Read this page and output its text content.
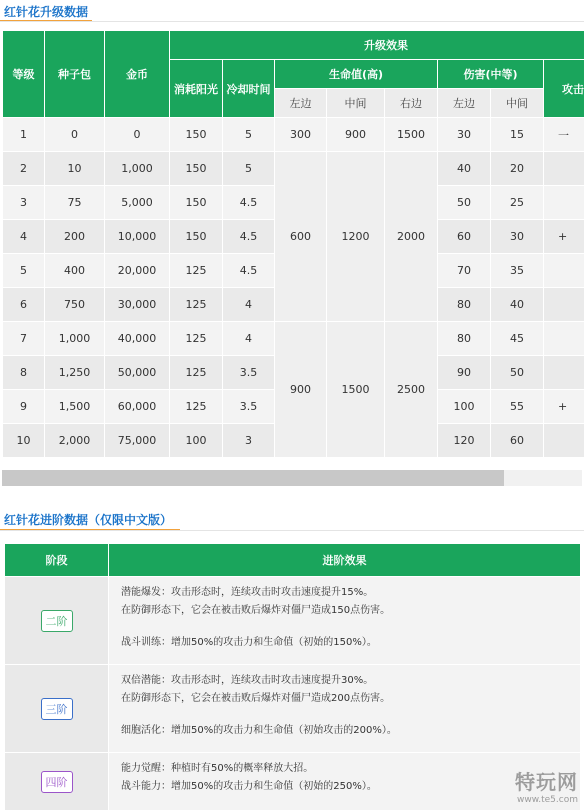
红针花升级数据
等级	种子包	金币	升级效果							
			消耗阳光	冷却时间	生命值(高)			伤害(中等)		攻击
					左边	中间	右边	左边	中间	
1	0	0	150	5	300	900	1500	30	15	一
2	10	1,000	150	5	600	1200	2000	40	20	
3	75	5,000	150	4.5				50	25	
4	200	10,000	150	4.5				60	30	+
5	400	20,000	125	4.5				70	35	
6	750	30,000	125	4				80	40	
7	1,000	40,000	125	4	900	1500	2500	80	45	
8	1,250	50,000	125	3.5				90	50	
9	1,500	60,000	125	3.5				100	55	+
10	2,000	75,000	100	3				120	60	
红针花进阶数据（仅限中文版）
阶段	进阶效果
二阶	潜能爆发：攻击形态时，连续攻击时攻击速度提升15%。

在防御形态下，它会在被击败后爆炸对僵尸造成150点伤害。

战斗训练：增加50%的攻击力和生命值（初始的150%）。

三阶	双倍潜能：攻击形态时，连续攻击时攻击速度提升30%。

在防御形态下，它会在被击败后爆炸对僵尸造成200点伤害。

细胞活化：增加50%的攻击力和生命值（初始攻击的200%）。

四阶	能力觉醒：种植时有50%的概率释放大招。

战斗能力：增加50%的攻击力和生命值（初始的250%）。	特玩网
www.te5.com
